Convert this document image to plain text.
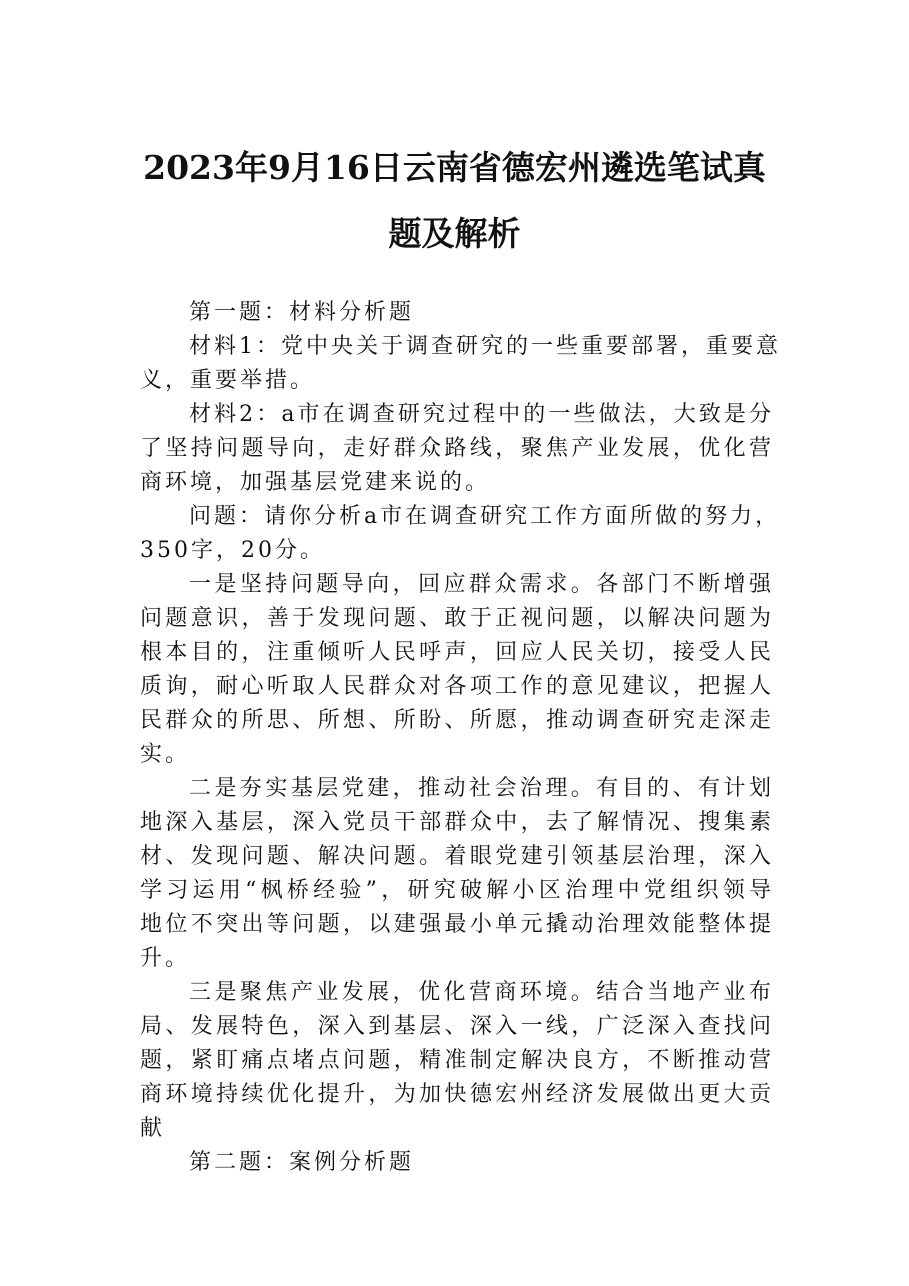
2023年9月16日云南省德宏州遴选笔试真
题及解析
第一题：材料分析题
材料1：党中央关于调查研究的一些重要部署，重要意
义，重要举措。
材料2：a市在调查研究过程中的一些做法，大致是分
了坚持问题导向，走好群众路线，聚焦产业发展，优化营
商环境，加强基层党建来说的。
问题：请你分析a市在调查研究工作方面所做的努力，
350字，20分。
一是坚持问题导向，回应群众需求。各部门不断增强
问题意识，善于发现问题、敢于正视问题，以解决问题为
根本目的，注重倾听人民呼声，回应人民关切，接受人民
质询，耐心听取人民群众对各项工作的意见建议，把握人
民群众的所思、所想、所盼、所愿，推动调查研究走深走
实。
二是夯实基层党建，推动社会治理。有目的、有计划
地深入基层，深入党员干部群众中，去了解情况、搜集素
材、发现问题、解决问题。着眼党建引领基层治理，深入
学习运用“枫桥经验”，研究破解小区治理中党组织领导
地位不突出等问题，以建强最小单元撬动治理效能整体提
升。
三是聚焦产业发展，优化营商环境。结合当地产业布
局、发展特色，深入到基层、深入一线，广泛深入查找问
题，紧盯痛点堵点问题，精准制定解决良方，不断推动营
商环境持续优化提升，为加快德宏州经济发展做出更大贡
献
第二题：案例分析题
